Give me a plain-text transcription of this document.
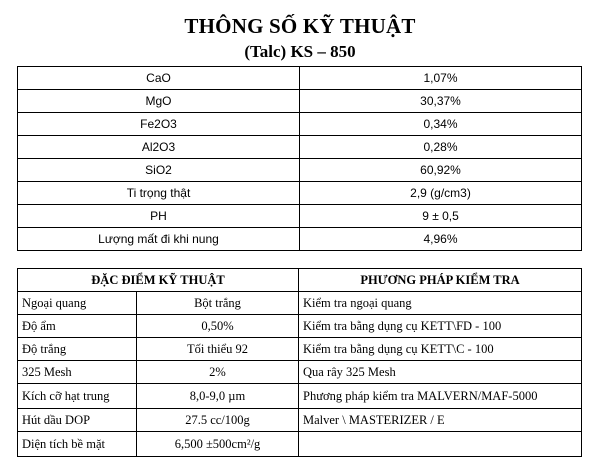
THÔNG SỐ KỸ THUẬT
(Talc) KS – 850
CaO	1,07%
MgO	30,37%
Fe2O3	0,34%
Al2O3	0,28%
SiO2	60,92%
Ti trọng thật	2,9 (g/cm3)
PH	9 ± 0,5
Lượng mất đi khi nung	4,96%
ĐẶC ĐIỂM KỸ THUẬT		PHƯƠNG PHÁP KIỂM TRA
Ngoại quang	Bột trắng	Kiểm tra ngoại quang
Độ ẩm	0,50%	Kiểm tra bằng dụng cụ KETT\FD - 100
Độ trắng	Tối thiểu 92	Kiểm tra bằng dụng cụ KETT\C - 100
325 Mesh	2%	Qua rây 325 Mesh
Kích cỡ hạt trung	8,0-9,0 µm	Phương pháp kiểm tra MALVERN/MAF-5000
Hút dầu DOP	27.5 cc/100g	Malver \ MASTERIZER / E
Diện tích bề mặt	6,500 ±500cm²/g	
